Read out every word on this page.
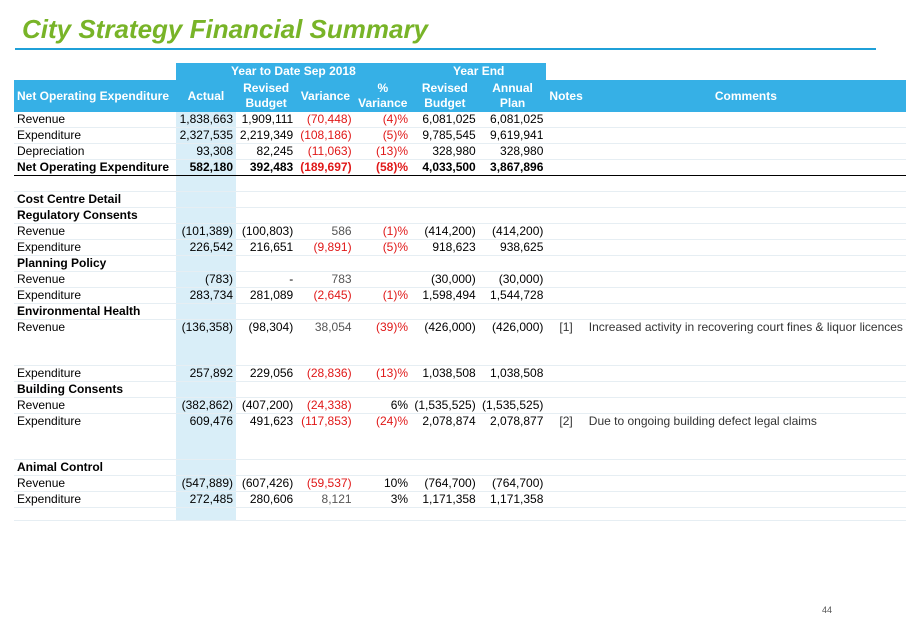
City Strategy Financial Summary
	Year to Date Sep 2018				Year End			
Net Operating Expenditure	Actual	Revised Budget	Variance	% Variance	Revised Budget	Annual Plan	Notes	Comments
Revenue	1,838,663	1,909,111	(70,448)	(4)%	6,081,025	6,081,025		
Expenditure	2,327,535	2,219,349	(108,186)	(5)%	9,785,545	9,619,941		
Depreciation	93,308	82,245	(11,063)	(13)%	328,980	328,980		
Net Operating Expenditure	582,180	392,483	(189,697)	(58)%	4,033,500	3,867,896		

Cost Centre Detail								
Regulatory Consents								
Revenue	(101,389)	(100,803)	586	(1)%	(414,200)	(414,200)		
Expenditure	226,542	216,651	(9,891)	(5)%	918,623	938,625		
Planning Policy								
Revenue	(783)	-	783		(30,000)	(30,000)		
Expenditure	283,734	281,089	(2,645)	(1)%	1,598,494	1,544,728		
Environmental Health								
Revenue	(136,358)	(98,304)	38,054	(39)%	(426,000)	(426,000)	[1]	Increased activity in recovering court fines & liquor licences
Expenditure	257,892	229,056	(28,836)	(13)%	1,038,508	1,038,508		
Building Consents								
Revenue	(382,862)	(407,200)	(24,338)	6%	(1,535,525)	(1,535,525)		
Expenditure	609,476	491,623	(117,853)	(24)%	2,078,874	2,078,877	[2]	Due to ongoing building defect legal claims
Animal Control								
Revenue	(547,889)	(607,426)	(59,537)	10%	(764,700)	(764,700)		
Expenditure	272,485	280,606	8,121	3%	1,171,358	1,171,358		

44
